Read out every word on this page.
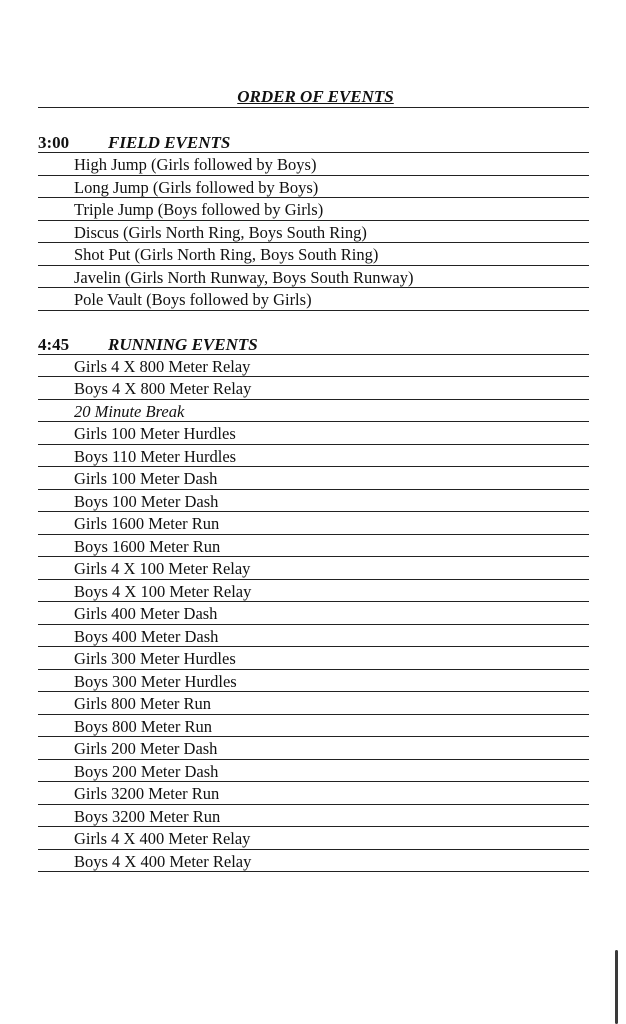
ORDER OF EVENTS
3:00 FIELD EVENTS
High Jump (Girls followed by Boys)
Long Jump (Girls followed by Boys)
Triple Jump (Boys followed by Girls)
Discus (Girls North Ring, Boys South Ring)
Shot Put (Girls North Ring, Boys South Ring)
Javelin (Girls North Runway, Boys South Runway)
Pole Vault (Boys followed by Girls)
4:45 RUNNING EVENTS
Girls 4 X 800 Meter Relay
Boys 4 X 800 Meter Relay
20 Minute Break
Girls 100 Meter Hurdles
Boys 110 Meter Hurdles
Girls 100 Meter Dash
Boys 100 Meter Dash
Girls 1600 Meter Run
Boys 1600 Meter Run
Girls 4 X 100 Meter Relay
Boys 4 X 100 Meter Relay
Girls 400 Meter Dash
Boys 400 Meter Dash
Girls 300 Meter Hurdles
Boys 300 Meter Hurdles
Girls 800 Meter Run
Boys 800 Meter Run
Girls 200 Meter Dash
Boys 200 Meter Dash
Girls 3200 Meter Run
Boys 3200 Meter Run
Girls 4 X 400 Meter Relay
Boys 4 X 400 Meter Relay
